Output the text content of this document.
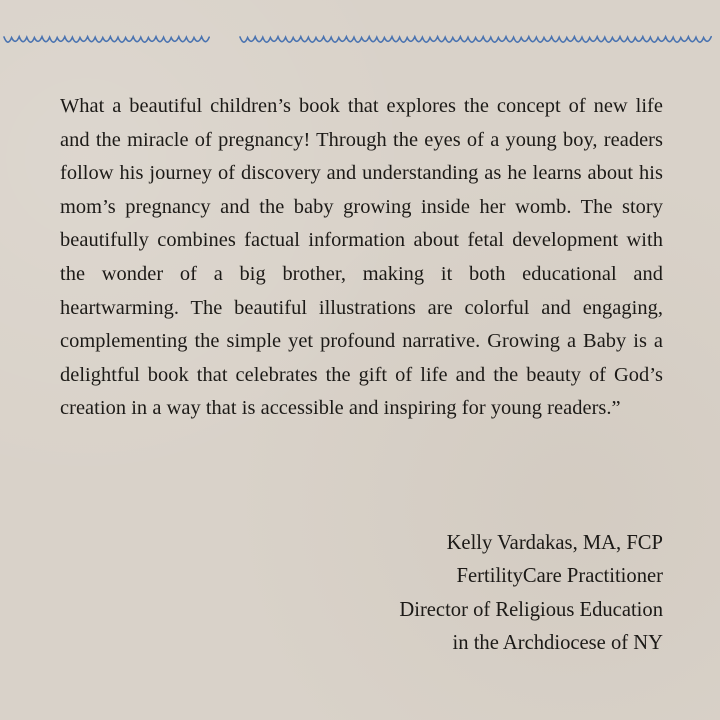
What a beautiful children’s book that explores the concept of new life and the miracle of pregnancy! Through the eyes of a young boy, readers follow his journey of discovery and understanding as he learns about his mom’s pregnancy and the baby growing inside her womb. The story beautifully combines factual information about fetal development with the wonder of a big brother, making it both educational and heartwarming. The beautiful illustrations are colorful and engaging, complementing the simple yet profound narrative. Growing a Baby is a delightful book that celebrates the gift of life and the beauty of God’s creation in a way that is accessible and inspiring for young readers.”

Kelly Vardakas, MA, FCP
FertilityCare Practitioner
Director of Religious Education
in the Archdiocese of NY
